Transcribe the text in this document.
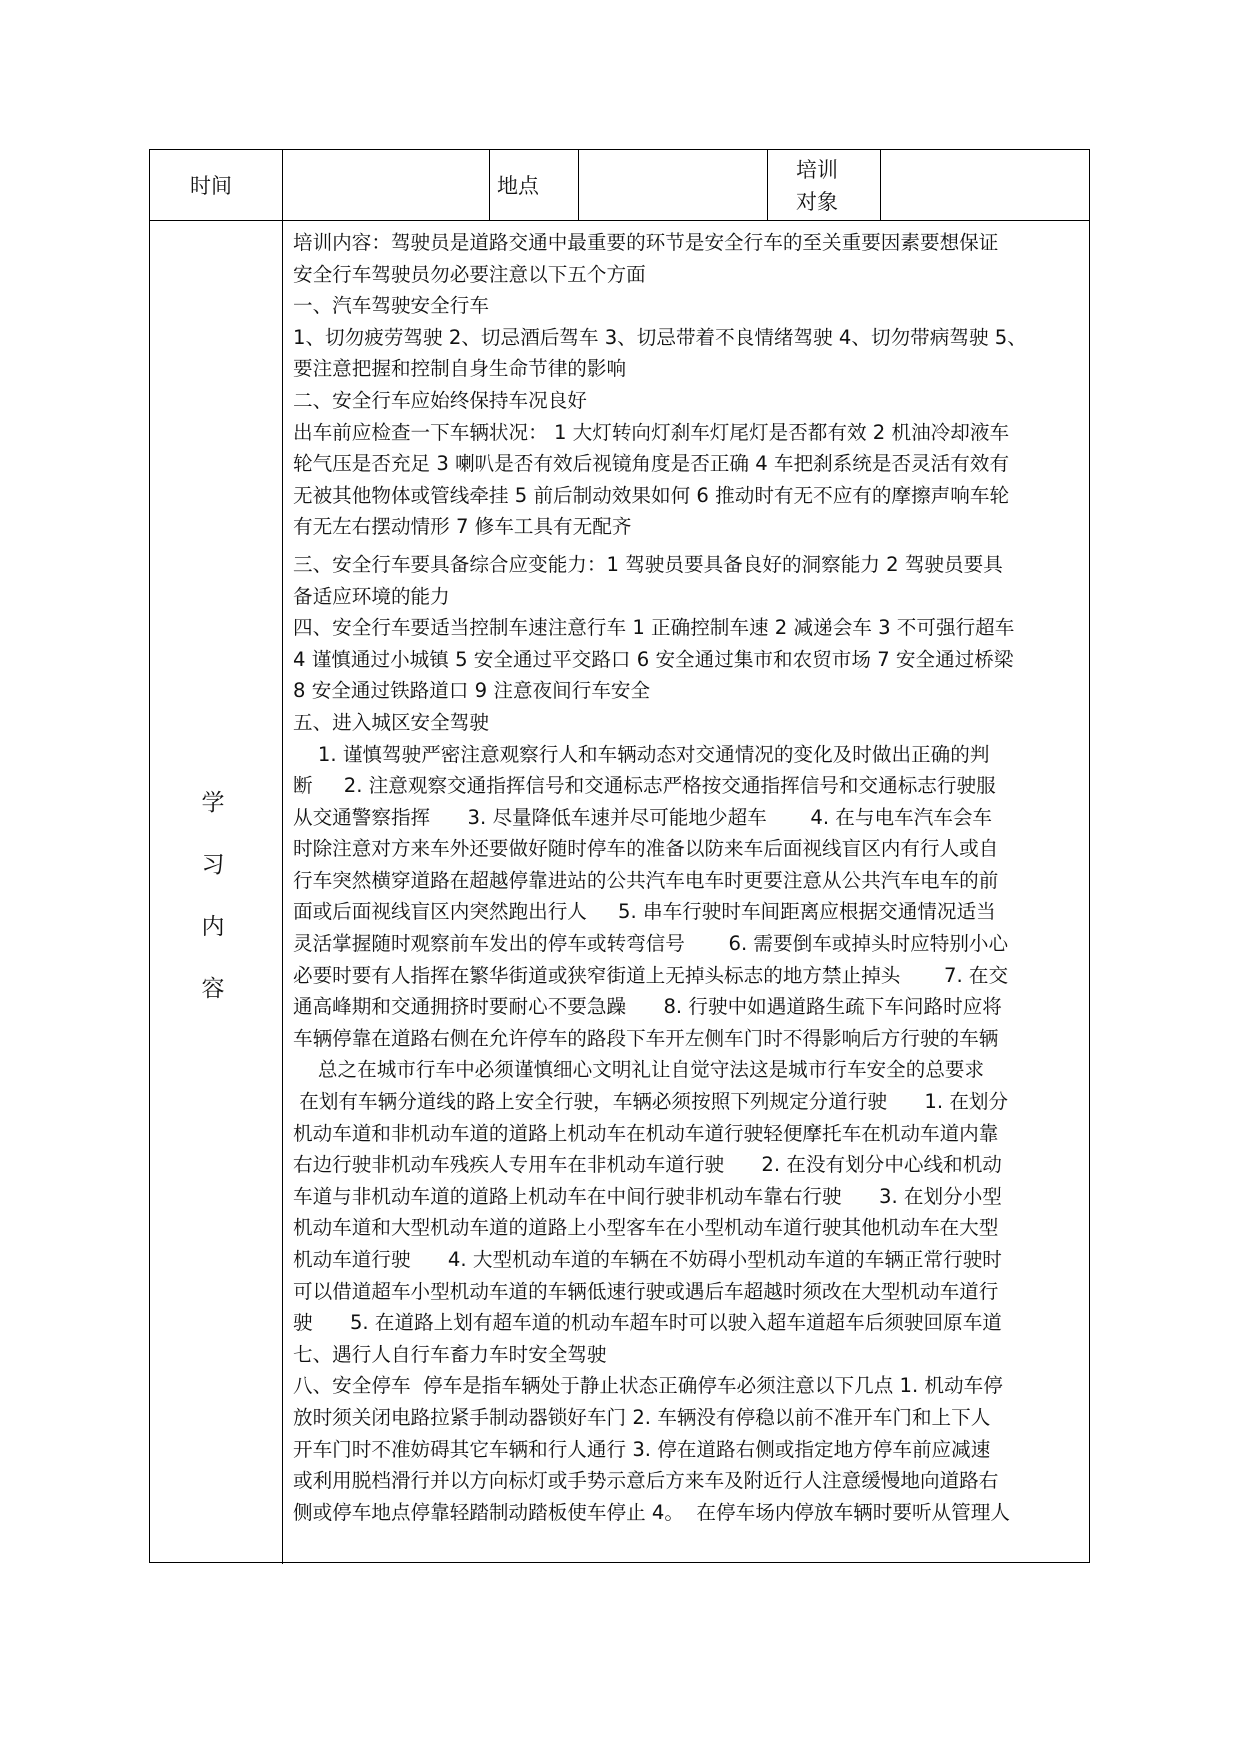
时间	地点
培训
对象
学
习
内
容
培训内容：驾驶员是道路交通中最重要的环节是安全行车的至关重要因素要想保证
安全行车驾驶员勿必要注意以下五个方面
一、汽车驾驶安全行车
1、切勿疲劳驾驶 2、切忌酒后驾车 3、切忌带着不良情绪驾驶 4、切勿带病驾驶 5、
要注意把握和控制自身生命节律的影响
二、安全行车应始终保持车况良好
出车前应检查一下车辆状况： 1 大灯转向灯刹车灯尾灯是否都有效 2 机油冷却液车
轮气压是否充足 3 喇叭是否有效后视镜角度是否正确 4 车把刹系统是否灵活有效有
无被其他物体或管线牵挂 5 前后制动效果如何 6 推动时有无不应有的摩擦声响车轮
有无左右摆动情形 7 修车工具有无配齐
三、安全行车要具备综合应变能力：1 驾驶员要具备良好的洞察能力 2 驾驶员要具
备适应环境的能力
四、安全行车要适当控制车速注意行车 1 正确控制车速 2 减递会车 3 不可强行超车
4 谨慎通过小城镇 5 安全通过平交路口 6 安全通过集市和农贸市场 7 安全通过桥梁
8 安全通过铁路道口 9 注意夜间行车安全
五、进入城区安全驾驶
1. 谨慎驾驶严密注意观察行人和车辆动态对交通情况的变化及时做出正确的判
断     2. 注意观察交通指挥信号和交通标志严格按交通指挥信号和交通标志行驶服
从交通警察指挥      3. 尽量降低车速并尽可能地少超车       4. 在与电车汽车会车
时除注意对方来车外还要做好随时停车的准备以防来车后面视线盲区内有行人或自
行车突然横穿道路在超越停靠进站的公共汽车电车时更要注意从公共汽车电车的前
面或后面视线盲区内突然跑出行人     5. 串车行驶时车间距离应根据交通情况适当
灵活掌握随时观察前车发出的停车或转弯信号       6. 需要倒车或掉头时应特别小心
必要时要有人指挥在繁华街道或狭窄街道上无掉头标志的地方禁止掉头       7. 在交
通高峰期和交通拥挤时要耐心不要急躁      8. 行驶中如遇道路生疏下车问路时应将
车辆停靠在道路右侧在允许停车的路段下车开左侧车门时不得影响后方行驶的车辆
总之在城市行车中必须谨慎细心文明礼让自觉守法这是城市行车安全的总要求
在划有车辆分道线的路上安全行驶，车辆必须按照下列规定分道行驶      1. 在划分
机动车道和非机动车道的道路上机动车在机动车道行驶轻便摩托车在机动车道内靠
右边行驶非机动车残疾人专用车在非机动车道行驶      2. 在没有划分中心线和机动
车道与非机动车道的道路上机动车在中间行驶非机动车靠右行驶      3. 在划分小型
机动车道和大型机动车道的道路上小型客车在小型机动车道行驶其他机动车在大型
机动车道行驶      4. 大型机动车道的车辆在不妨碍小型机动车道的车辆正常行驶时
可以借道超车小型机动车道的车辆低速行驶或遇后车超越时须改在大型机动车道行
驶      5. 在道路上划有超车道的机动车超车时可以驶入超车道超车后须驶回原车道
七、遇行人自行车畜力车时安全驾驶
八、安全停车  停车是指车辆处于静止状态正确停车必须注意以下几点 1. 机动车停
放时须关闭电路拉紧手制动器锁好车门 2. 车辆没有停稳以前不准开车门和上下人
开车门时不准妨碍其它车辆和行人通行 3. 停在道路右侧或指定地方停车前应减速
或利用脱档滑行并以方向标灯或手势示意后方来车及附近行人注意缓慢地向道路右
侧或停车地点停靠轻踏制动踏板使车停止 4。  在停车场内停放车辆时要听从管理人
